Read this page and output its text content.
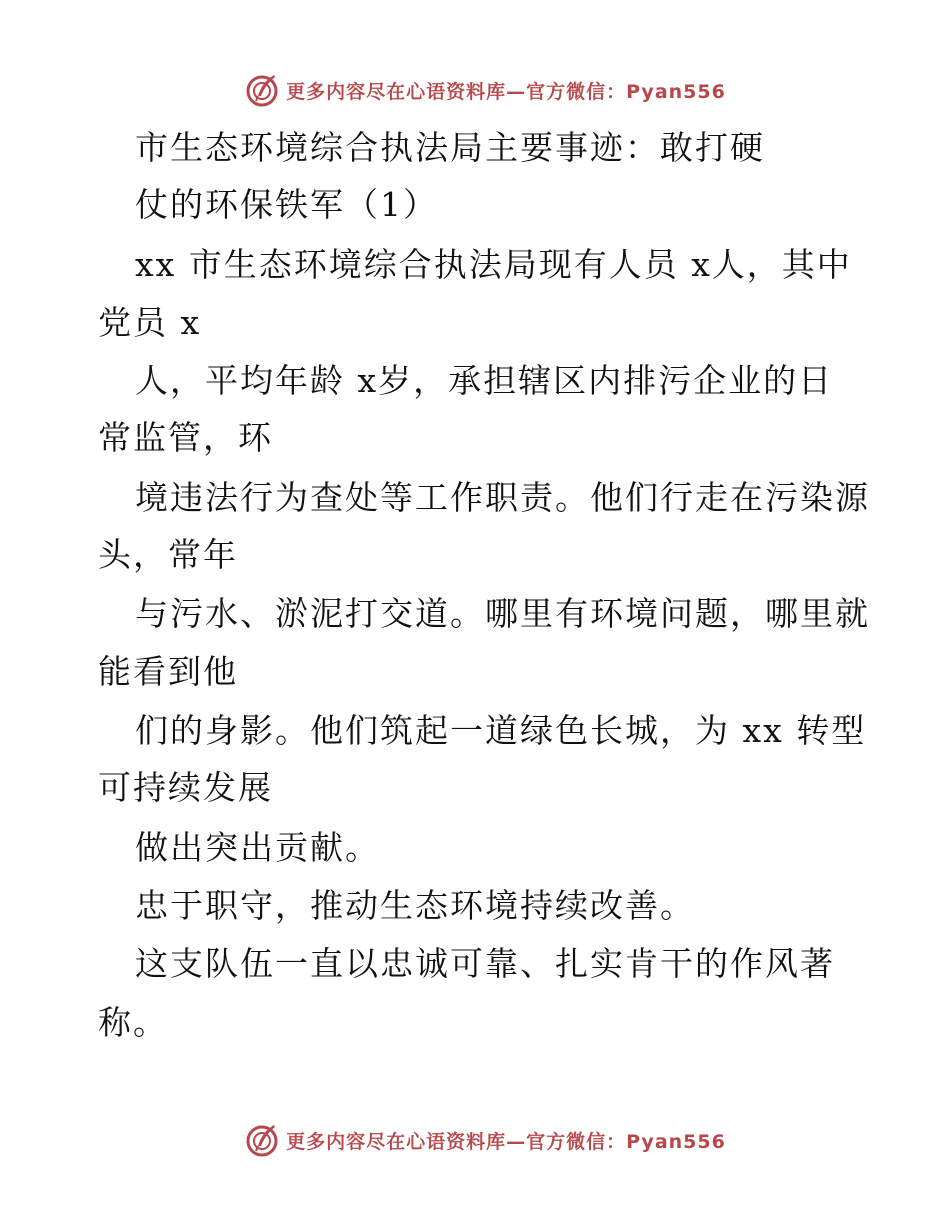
更多内容尽在心语资料库—官方微信：Pyan556
市生态环境综合执法局主要事迹：敢打硬
仗的环保铁军（1）
xx 市生态环境综合执法局现有人员 x人，其中
党员 x
人，平均年龄 x岁，承担辖区内排污企业的日
常监管，环
境违法行为查处等工作职责。他们行走在污染源
头，常年
与污水、淤泥打交道。哪里有环境问题，哪里就
能看到他
们的身影。他们筑起一道绿色长城，为 xx 转型
可持续发展
做出突出贡献。
忠于职守，推动生态环境持续改善。
这支队伍一直以忠诚可靠、扎实肯干的作风著
称。
更多内容尽在心语资料库—官方微信：Pyan556
